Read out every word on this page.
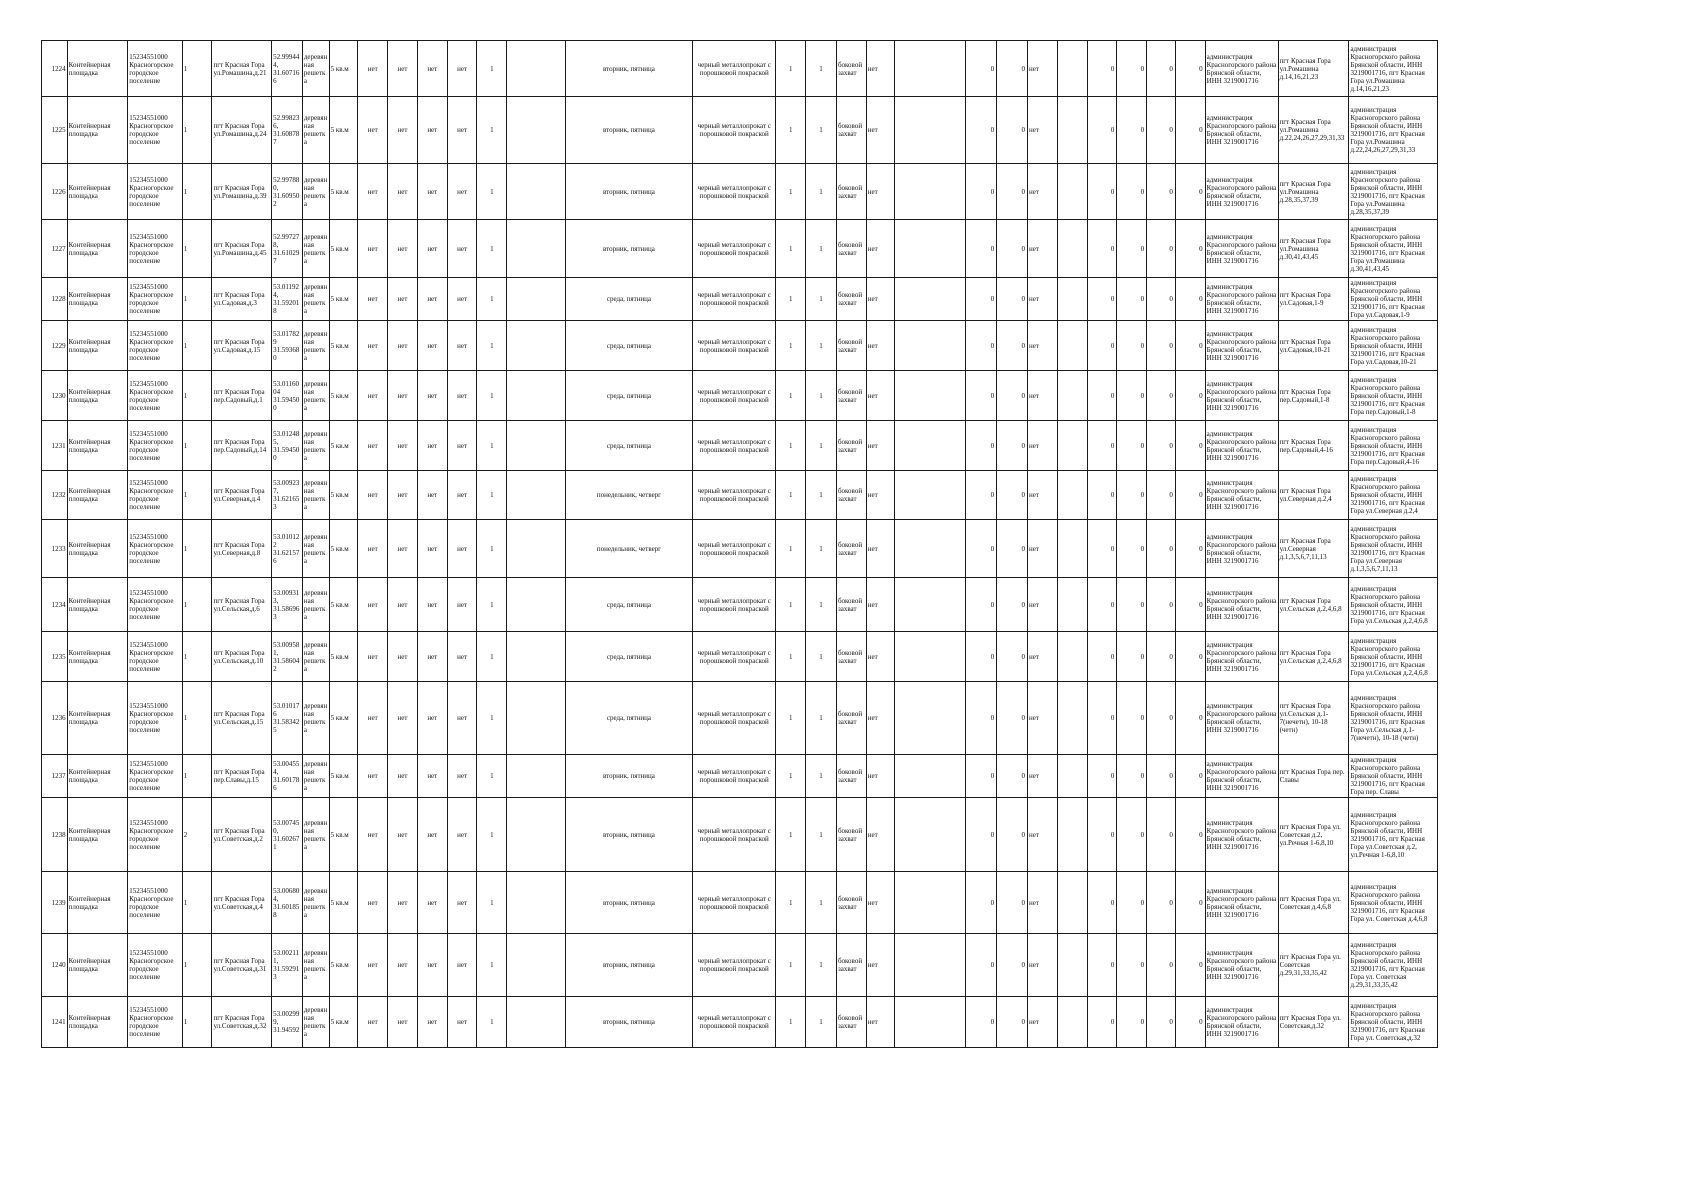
1224	Контейнерная площадка	15234551000 Красногорское городское поселение	1	пгт Красная Гора ул.Ромашина,д.21	52.99944 4, 31.60716 6	деревянная решетка	5 кв.м	нет	нет	нет	нет	1		вторник, пятница	черный металлопрокат с порошковой покраской	1	1	боковой захват	нет		0	0	нет		0	0	0	0	администрация Красногорского района Брянской области, ИНН 3219001716	пгт Красная Гора ул.Ромашина д.14,16,21,23	администрация Красногорского района Брянской области, ИНН 3219001716, пгт Красная Гора ул.Ромашина д.14,16,21,23
1225	Контейнерная площадка	15234551000 Красногорское городское поселение	1	пгт Красная Гора ул.Ромашина,д.24	52.99823 6, 31.60878 7	деревянная решетка	5 кв.м	нет	нет	нет	нет	1		вторник, пятница	черный металлопрокат с порошковой покраской	1	1	боковой захват	нет		0	0	нет		0	0	0	0	администрация Красногорского района Брянской области, ИНН 3219001716	пгт Красная Гора ул.Ромашина д.22,24,26,27,29,31,33	администрация Красногорского района Брянской области, ИНН 3219001716, пгт Красная Гора ул.Ромашина д.22,24,26,27,29,31,33
1226	Контейнерная площадка	15234551000 Красногорское городское поселение	1	пгт Красная Гора ул.Ромашина,д.39	52.99788 0, 31.60950 2	деревянная решетка	5 кв.м	нет	нет	нет	нет	1		вторник, пятница	черный металлопрокат с порошковой покраской	1	1	боковой захват	нет		0	0	нет		0	0	0	0	администрация Красногорского района Брянской области, ИНН 3219001716	пгт Красная Гора ул.Ромашина д.28,35,37,39	администрация Красногорского района Брянской области, ИНН 3219001716, пгт Красная Гора ул.Ромашина д.28,35,37,39
1227	Контейнерная площадка	15234551000 Красногорское городское поселение	1	пгт Красная Гора ул.Ромашина,д.45	52.99727 8, 31.61029 7	деревянная решетка	5 кв.м	нет	нет	нет	нет	1		вторник, пятница	черный металлопрокат с порошковой покраской	1	1	боковой захват	нет		0	0	нет		0	0	0	0	администрация Красногорского района Брянской области, ИНН 3219001716	пгт Красная Гора ул.Ромашина д.30,41,43,45	администрация Красногорского района Брянской области, ИНН 3219001716, пгт Красная Гора ул.Ромашина д.30,41,43,45
1228	Контейнерная площадка	15234551000 Красногорское городское поселение	1	пгт Красная Гора ул.Садовая,д.3	53.01192 4, 31.59201 8	деревянная решетка	5 кв.м	нет	нет	нет	нет	1		среда, пятница	черный металлопрокат с порошковой покраской	1	1	боковой захват	нет		0	0	нет		0	0	0	0	администрация Красногорского района Брянской области, ИНН 3219001716	пгт Красная Гора ул.Садовая,1-9	администрация Красногорского района Брянской области, ИНН 3219001716, пгт Красная Гора ул.Садовая,1-9
1229	Контейнерная площадка	15234551000 Красногорское городское поселение	1	пгт Красная Гора ул.Садовая,д.15	53.01782 9 31.59368 0	деревянная решетка	5 кв.м	нет	нет	нет	нет	1		среда, пятница	черный металлопрокат с порошковой покраской	1	1	боковой захват	нет		0	0	нет		0	0	0	0	администрация Красногорского района Брянской области, ИНН 3219001716	пгт Красная Гора ул.Садовая,10-21	администрация Красногорского района Брянской области, ИНН 3219001716, пгт Красная Гора ул.Садовая,10-21
1230	Контейнерная площадка	15234551000 Красногорское городское поселение	1	пгт Красная Гора пер.Садовый,д.1	53.01160 04 31.59450 0	деревянная решетка	5 кв.м	нет	нет	нет	нет	1		среда, пятница	черный металлопрокат с порошковой покраской	1	1	боковой захват	нет		0	0	нет		0	0	0	0	администрация Красногорского района Брянской области, ИНН 3219001716	пгт Красная Гора пер.Садовый,1-8	администрация Красногорского района Брянской области, ИНН 3219001716, пгт Красная Гора пер.Садовый,1-8
1231	Контейнерная площадка	15234551000 Красногорское городское поселение	1	пгт Красная Гора пер.Садовый,д.14	53.01248 5, 31.59450 0	деревянная решетка	5 кв.м	нет	нет	нет	нет	1		среда, пятница	черный металлопрокат с порошковой покраской	1	1	боковой захват	нет		0	0	нет		0	0	0	0	администрация Красногорского района Брянской области, ИНН 3219001716	пгт Красная Гора пер.Садовый,4-16	администрация Красногорского района Брянской области, ИНН 3219001716, пгт Красная Гора пер.Садовый,4-16
1232	Контейнерная площадка	15234551000 Красногорское городское поселение	1	пгт Красная Гора ул.Северная,д.4	53.00923 7, 31.62165 3	деревянная решетка	5 кв.м	нет	нет	нет	нет	1		понедельник, четверг	черный металлопрокат с порошковой покраской	1	1	боковой захват	нет		0	0	нет		0	0	0	0	администрация Красногорского района Брянской области, ИНН 3219001716	пгт Красная Гора ул.Северная д.2,4	администрация Красногорского района Брянской области, ИНН 3219001716, пгт Красная Гора ул.Северная д.2,4
1233	Контейнерная площадка	15234551000 Красногорское городское поселение	1	пгт Красная Гора ул.Северная,д.8	53.01012 2 31.62157 6	деревянная решетка	5 кв.м	нет	нет	нет	нет	1		понедельник, четверг	черный металлопрокат с порошковой покраской	1	1	боковой захват	нет		0	0	нет		0	0	0	0	администрация Красногорского района Брянской области, ИНН 3219001716	пгт Красная Гора ул.Северная д.1,3,5,6,7,11,13	администрация Красногорского района Брянской области, ИНН 3219001716, пгт Красная Гора ул.Северная д.1,3,5,6,7,11,13
1234	Контейнерная площадка	15234551000 Красногорское городское поселение	1	пгт Красная Гора ул.Сельская,д.6	53.00931 3, 31.58696 3	деревянная решетка	5 кв.м	нет	нет	нет	нет	1		среда, пятница	черный металлопрокат с порошковой покраской	1	1	боковой захват	нет		0	0	нет		0	0	0	0	администрация Красногорского района Брянской области, ИНН 3219001716	пгт Красная Гора ул.Сельская д.2,4,6,8	администрация Красногорского района Брянской области, ИНН 3219001716, пгт Красная Гора ул.Сельская д.2,4,6,8
1235	Контейнерная площадка	15234551000 Красногорское городское поселение	1	пгт Красная Гора ул.Сельская,д.10	53.00958 1, 31.58604 2	деревянная решетка	5 кв.м	нет	нет	нет	нет	1		среда, пятница	черный металлопрокат с порошковой покраской	1	1	боковой захват	нет		0	0	нет		0	0	0	0	администрация Красногорского района Брянской области, ИНН 3219001716	пгт Красная Гора ул.Сельская д.2,4,6,8	администрация Красногорского района Брянской области, ИНН 3219001716, пгт Красная Гора ул.Сельская д.2,4,6,8
1236	Контейнерная площадка	15234551000 Красногорское городское поселение	1	пгт Красная Гора ул.Сельская,д.15	53.01017 6 31.58342 5	деревянная решетка	5 кв.м	нет	нет	нет	нет	1		среда, пятница	черный металлопрокат с порошковой покраской	1	1	боковой захват	нет		0	0	нет		0	0	0	0	администрация Красногорского района Брянской области, ИНН 3219001716	пгт Красная Гора ул.Сельская д.1-7(нечетн), 10-18 (четн)	администрация Красногорского района Брянской области, ИНН 3219001716, пгт Красная Гора ул.Сельская д.1-7(нечетн), 10-18 (четн)
1237	Контейнерная площадка	15234551000 Красногорское городское поселение	1	пгт Красная Гора пер.Славы,д.15	53.00455 4, 31.60178 6	деревянная решетка	5 кв.м	нет	нет	нет	нет	1		вторник, пятница	черный металлопрокат с порошковой покраской	1	1	боковой захват	нет		0	0	нет		0	0	0	0	администрация Красногорского района Брянской области, ИНН 3219001716	пгт Красная Гора пер. Славы	администрация Красногорского района Брянской области, ИНН 3219001716, пгт Красная Гора пер. Славы
1238	Контейнерная площадка	15234551000 Красногорское городское поселение	2	пгт Красная Гора ул.Советская,д.2	53.00745 0, 31.60267 1	деревянная решетка	5 кв.м	нет	нет	нет	нет	1		вторник, пятница	черный металлопрокат с порошковой покраской	1	1	боковой захват	нет		0	0	нет		0	0	0	0	администрация Красногорского района Брянской области, ИНН 3219001716	пгт Красная Гора ул. Советская д.2, ул.Речная 1-6,8,10	администрация Красногорского района Брянской области, ИНН 3219001716, пгт Красная Гора ул.Советская д.2, ул.Речная 1-6,8,10
1239	Контейнерная площадка	15234551000 Красногорское городское поселение	1	пгт Красная Гора ул.Советская,д.4	53.00680 4, 31.60185 8	деревянная решетка	5 кв.м	нет	нет	нет	нет	1		вторник, пятница	черный металлопрокат с порошковой покраской	1	1	боковой захват	нет		0	0	нет		0	0	0	0	администрация Красногорского района Брянской области, ИНН 3219001716	пгт Красная Гора ул. Советская д.4,6,8	администрация Красногорского района Брянской области, ИНН 3219001716, пгт Красная Гора ул. Советская д.4,6,8
1240	Контейнерная площадка	15234551000 Красногорское городское поселение	1	пгт Красная Гора ул.Советская,д.31	53.00211 1, 31.59291 3	деревянная решетка	5 кв.м	нет	нет	нет	нет	1		вторник, пятница	черный металлопрокат с порошковой покраской	1	1	боковой захват	нет		0	0	нет		0	0	0	0	администрация Красногорского района Брянской области, ИНН 3219001716	пгт Красная Гора ул. Советская д.29,31,33,35,42	администрация Красногорского района Брянской области, ИНН 3219001716, пгт Красная Гора ул. Советская д.29,31,33,35,42
1241	Контейнерная площадка	15234551000 Красногорское городское поселение	1	пгт Красная Гора ул.Советская,д.32	53.00299 9, 31.94592	деревянная решетка	5 кв.м	нет	нет	нет	нет	1		вторник, пятница	черный металлопрокат с порошковой покраской	1	1	боковой захват	нет		0	0	нет		0	0	0	0	администрация Красногорского района Брянской области, ИНН 3219001716	пгт Красная Гора ул. Советская,д.32	администрация Красногорского района Брянской области, ИНН 3219001716, пгт Красная Гора ул. Советская,д.32
